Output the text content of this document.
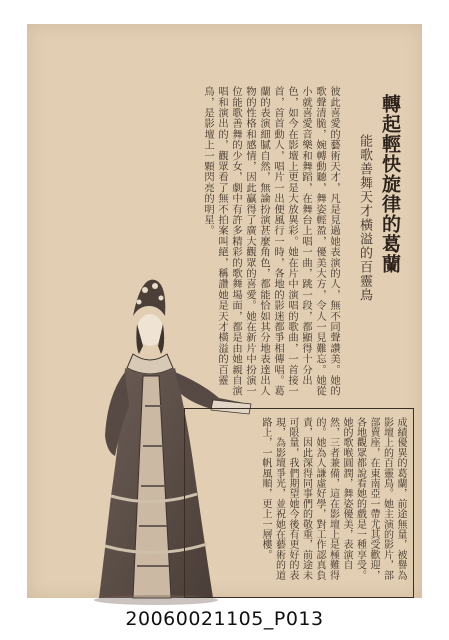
轉起輕快旋律的葛蘭
能歌善舞天才橫溢的百靈鳥
彼此喜愛的藝術天才，凡是見過她表演的人，無不同聲讚美。她的歌聲清脆，婉轉動聽，舞姿輕盈，優美大方，令人一見難忘。她從小就喜愛音樂和舞蹈，在舞台上唱一曲，跳一段，都顯得十分出色，如今在影壇上更是大放異彩。她在片中演唱的歌曲，一首接一首，首首動人，唱片一出便風行一時，各地的影迷都爭相傳唱。葛蘭的表演細膩自然，無論扮演甚麼角色，都能恰如其分地表達出人物的性格和感情，因此贏得了廣大觀眾的喜愛。她在新片中扮演一位能歌善舞的少女，劇中有許多精彩的歌舞場面，都是由她親自演唱和演出的，觀眾看了無不拍案叫絕，稱讚她是天才橫溢的百靈鳥，是影壇上一顆閃亮的明星。
成績優異的葛蘭，前途無量，被譽為影壇上的百靈鳥。她主演的影片，部部賣座，在東南亞一帶尤其受歡迎，各地觀眾都說看她的戲是一種享受。她的歌喉圓潤，舞姿優美，表演自然，三者兼備，這在影壇上是極難得的。她為人謙虛好學，對工作認真負責，因此深得同事們的敬重，前途未可限量，我們期望她今後有更好的表現，為影壇爭光，並祝她在藝術的道路上，一帆風順，更上一層樓。
20060021105_P013
